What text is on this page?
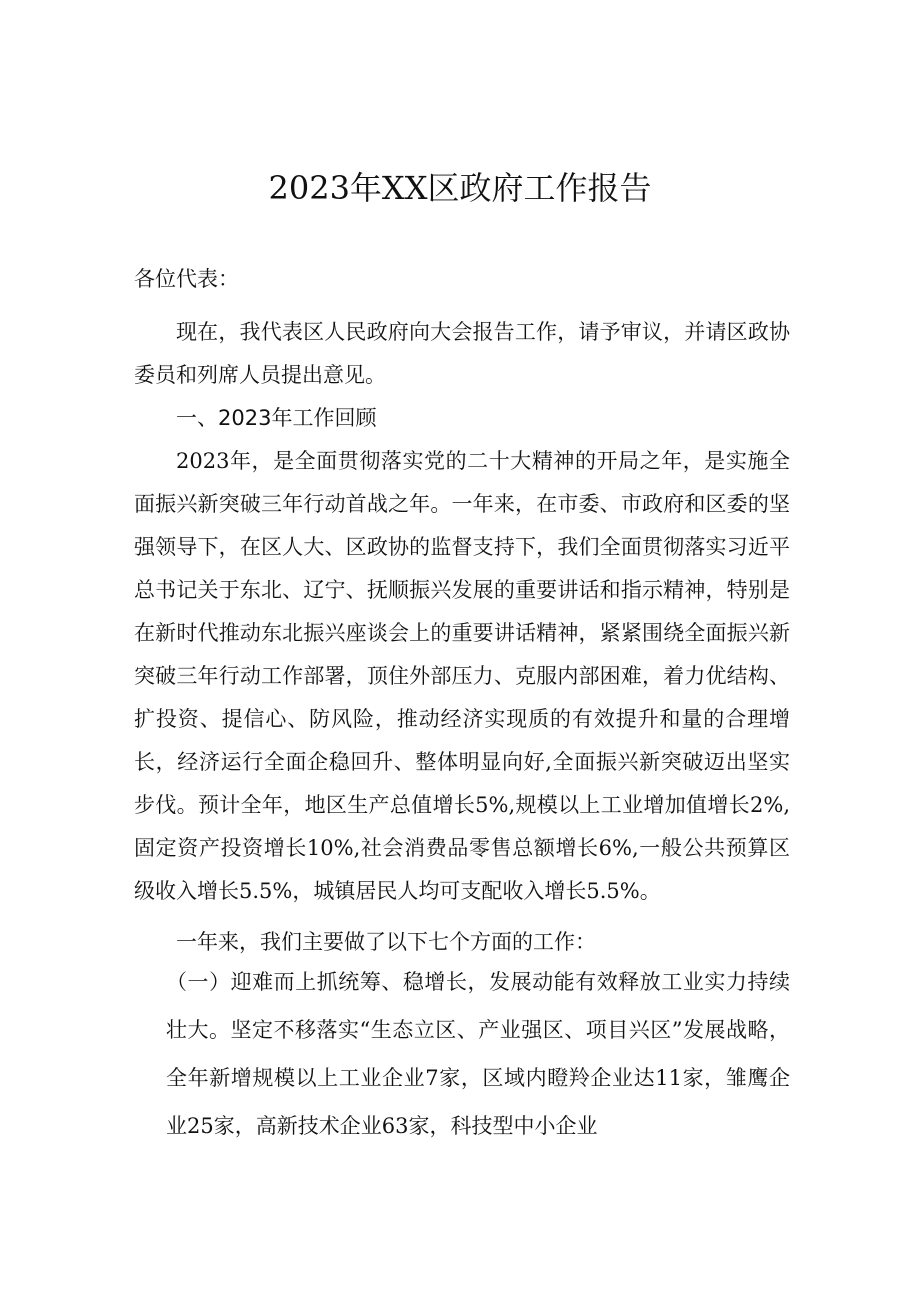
2023年XX区政府工作报告

各位代表：

现在，我代表区人民政府向大会报告工作，请予审议，并请区政协委员和列席人员提出意见。

一、2023年工作回顾

2023年，是全面贯彻落实党的二十大精神的开局之年，是实施全面振兴新突破三年行动首战之年。一年来，在市委、市政府和区委的坚强领导下，在区人大、区政协的监督支持下，我们全面贯彻落实习近平总书记关于东北、辽宁、抚顺振兴发展的重要讲话和指示精神，特别是在新时代推动东北振兴座谈会上的重要讲话精神，紧紧围绕全面振兴新突破三年行动工作部署，顶住外部压力、克服内部困难，着力优结构、扩投资、提信心、防风险，推动经济实现质的有效提升和量的合理增长，经济运行全面企稳回升、整体明显向好,全面振兴新突破迈出坚实步伐。预计全年，地区生产总值增长5%,规模以上工业增加值增长2%,固定资产投资增长10%,社会消费品零售总额增长6%,一般公共预算区级收入增长5.5%，城镇居民人均可支配收入增长5.5%。

一年来，我们主要做了以下七个方面的工作：

（一）迎难而上抓统筹、稳增长，发展动能有效释放工业实力持续壮大。坚定不移落实“生态立区、产业强区、项目兴区”发展战略，全年新增规模以上工业企业7家，区域内瞪羚企业达11家，雏鹰企业25家，高新技术企业63家，科技型中小企业
